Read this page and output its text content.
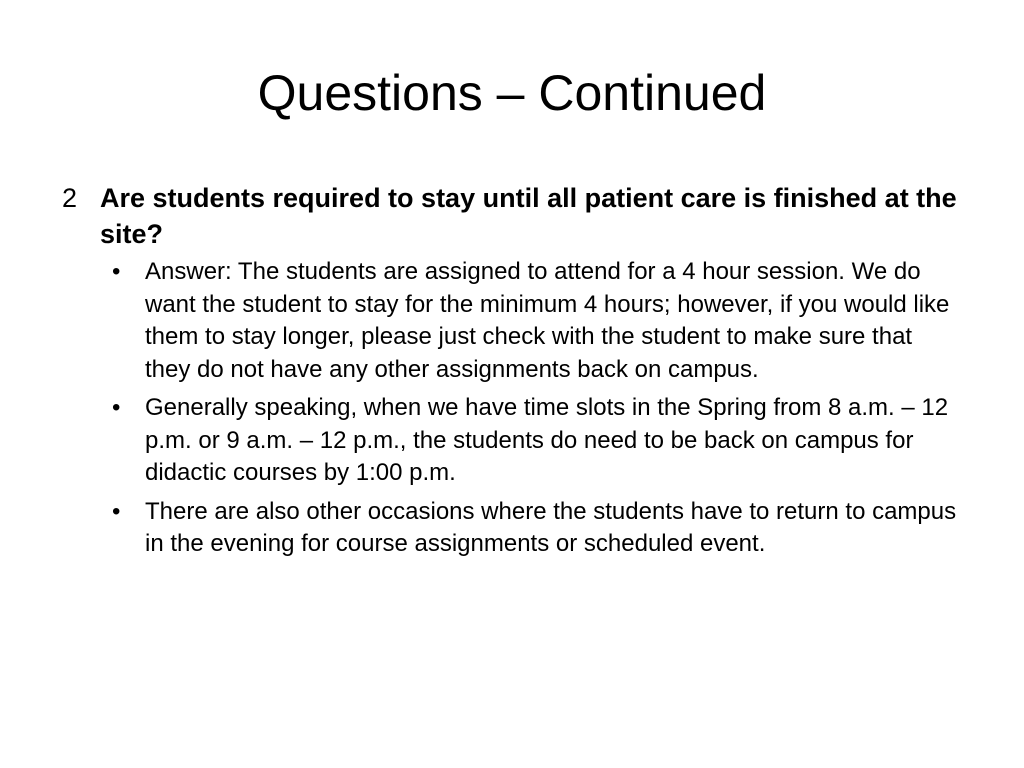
Questions – Continued
2 Are students required to stay until all patient care is finished at the site?
•	Answer: The students are assigned to attend for a 4 hour session. We do want the student to stay for the minimum 4 hours; however, if you would like them to stay longer, please just check with the student to make sure that they do not have any other assignments back on campus.
•	Generally speaking, when we have time slots in the Spring from 8 a.m. – 12 p.m. or 9 a.m. – 12 p.m., the students do need to be back on campus for didactic courses by 1:00 p.m.
•	There are also other occasions where the students have to return to campus in the evening for course assignments or scheduled event.
